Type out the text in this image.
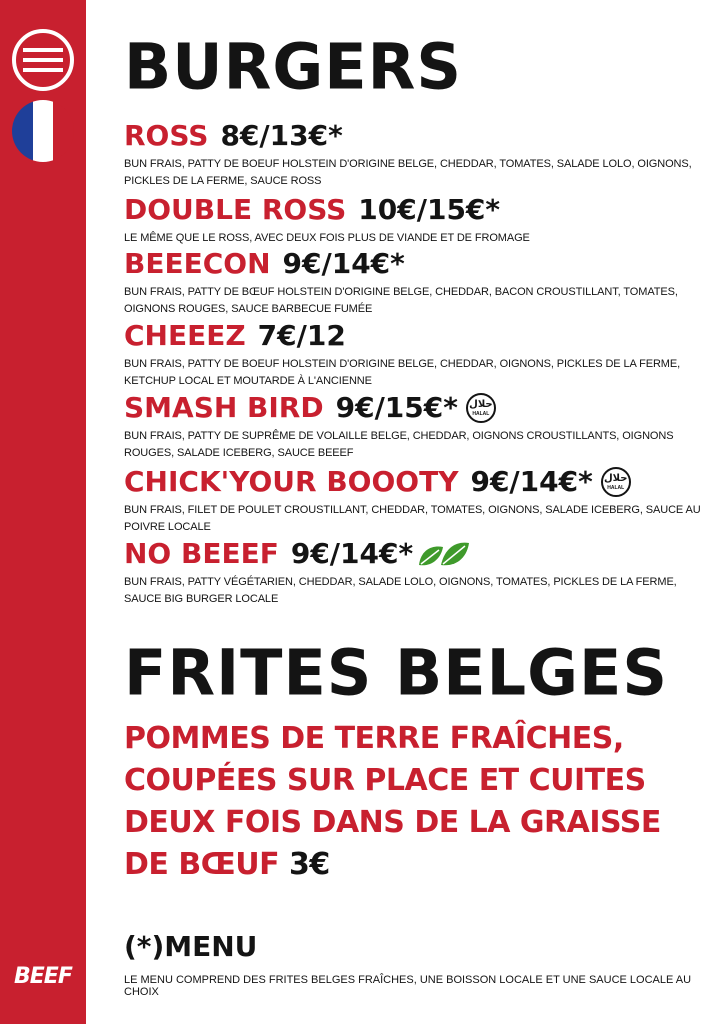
BEEF
BURGERS
ROSS 8€/13€*
BUN FRAIS, PATTY DE BOEUF HOLSTEIN D'ORIGINE BELGE, CHEDDAR, TOMATES, SALADE LOLO, OIGNONS, PICKLES DE LA FERME, SAUCE ROSS
DOUBLE ROSS 10€/15€*
LE MÊME QUE LE ROSS, AVEC DEUX FOIS PLUS DE VIANDE ET DE FROMAGE
BEEECON 9€/14€*
BUN FRAIS, PATTY DE BŒUF HOLSTEIN D'ORIGINE BELGE, CHEDDAR, BACON CROUSTILLANT, TOMATES, OIGNONS ROUGES, SAUCE BARBECUE FUMÉE
CHEEEZ 7€/12
BUN FRAIS, PATTY DE BOEUF HOLSTEIN D'ORIGINE BELGE, CHEDDAR, OIGNONS, PICKLES DE LA FERME, KETCHUP LOCAL ET MOUTARDE À L'ANCIENNE
SMASH BIRD 9€/15€* حلال
HALAL
BUN FRAIS, PATTY DE SUPRÊME DE VOLAILLE BELGE, CHEDDAR, OIGNONS CROUSTILLANTS, OIGNONS ROUGES, SALADE ICEBERG, SAUCE BEEEF
CHICK'YOUR BOOOTY 9€/14€* حلال
HALAL
BUN FRAIS, FILET DE POULET CROUSTILLANT, CHEDDAR, TOMATES, OIGNONS, SALADE ICEBERG, SAUCE AU POIVRE LOCALE
NO BEEEF 9€/14€*
BUN FRAIS, PATTY VÉGÉTARIEN, CHEDDAR, SALADE LOLO, OIGNONS, TOMATES, PICKLES DE LA FERME, SAUCE BIG BURGER LOCALE
FRITES BELGES

POMMES DE TERRE FRAÎCHES, COUPÉES SUR PLACE ET CUITES DEUX FOIS DANS DE LA GRAISSE DE BŒUF 3€

(*)MENU

LE MENU COMPREND DES FRITES BELGES FRAÎCHES, UNE BOISSON LOCALE ET UNE SAUCE LOCALE AU CHOIX
